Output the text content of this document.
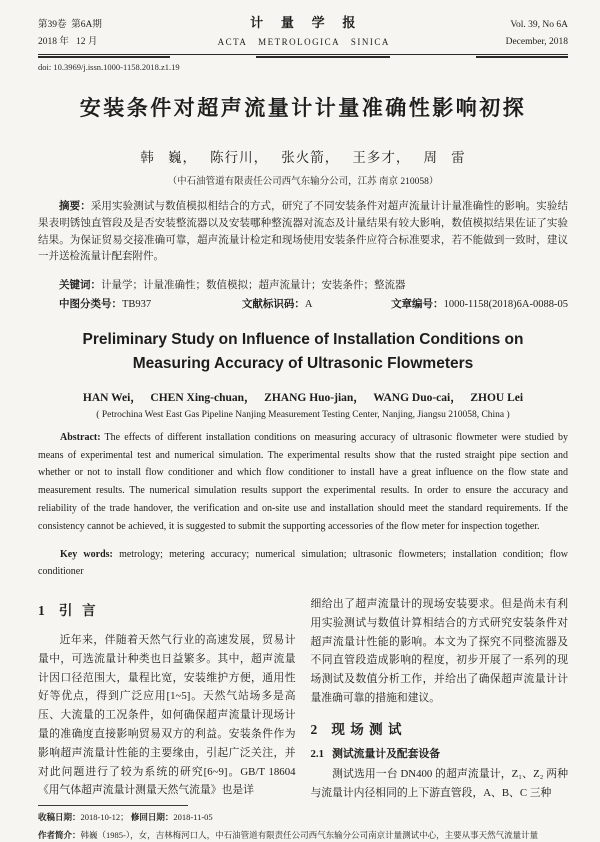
第39卷  第6A期
2018 年   12 月
计   量   学   报
ACTA   METROLOGICA   SINICA
Vol. 39, No 6A
December, 2018
doi: 10.3969/j.issn.1000-1158.2018.z1.19
安装条件对超声流量计计量准确性影响初探
韩   巍，   陈行川，   张火箭，   王多才，   周   雷
（中石油管道有限责任公司西气东输分公司，江苏 南京 210058）

摘要：采用实验测试与数值模拟相结合的方式，研究了不同安装条件对超声流量计计量准确性的影响。实验结果表明锈蚀直管段及是否安装整流器以及安装哪种整流器对流态及计量结果有较大影响，数值模拟结果佐证了实验结果。为保证贸易交接准确可靠，超声流量计检定和现场使用安装条件应符合标准要求，若不能做到一致时，建议一并送检流量计配套附件。

关键词：计量学；计量准确性；数值模拟；超声流量计；安装条件；整流器
中图分类号：TB937	文献标识码：A	文章编号：1000-1158(2018)6A-0088-05
Preliminary Study on Influence of Installation Conditions on
Measuring Accuracy of Ultrasonic Flowmeters
HAN Wei，   CHEN Xing-chuan，   ZHANG Huo-jian，   WANG Duo-cai，   ZHOU Lei
( Petrochina West East Gas Pipeline Nanjing Measurement Testing Center, Nanjing, Jiangsu 210058, China )

Abstract: The effects of different installation conditions on measuring accuracy of ultrasonic flowmeter were studied by means of experimental test and numerical simulation. The experimental results show that the rusted straight pipe section and whether or not to install flow conditioner and which flow conditioner to install have a great influence on the flow state and measurement results. The numerical simulation results support the experimental results. In order to ensure the accuracy and reliability of the trade handover, the verification and on-site use and installation should meet the standard requirements. If the consistency cannot be achieved, it is suggested to submit the supporting accessories of the flow meter for inspection together.

Key words: metrology; metering accuracy; numerical simulation; ultrasonic flowmeters; installation condition; flow conditioner

1   引  言

近年来，伴随着天然气行业的高速发展，贸易计量中，可选流量计种类也日益繁多。其中，超声流量计因口径范围大，量程比宽，安装维护方便，通用性好等优点，得到广泛应用[1~5]。天然气站场多是高压、大流量的工况条件，如何确保超声流量计现场计量的准确度直接影响贸易双方的利益。安装条件作为影响超声流量计性能的主要缘由，引起广泛关注，并对此问题进行了较为系统的研究[6~9]。GB/T 18604《用气体超声流量计测量天然气流量》也是详

收稿日期：2018-10-12； 修回日期：2018-11-05

细给出了超声流量计的现场安装要求。但是尚未有利用实验测试与数值计算相结合的方式研究安装条件对超声流量计性能的影响。本文为了探究不同整流器及不同直管段造成影响的程度，初步开展了一系列的现场测试及数值分析工作，并给出了确保超声流量计计量准确可靠的措施和建议。

2   现 场 测 试
2.1   测试流量计及配套设备

测试选用一台 DN400 的超声流量计，Z₁、Z₂ 两种与流量计内径相同的上下游直管段，A、B、C 三种

作者简介：韩巍（1985-），女，吉林梅河口人，中石油管道有限责任公司西气东输分公司南京计量测试中心，主要从事天然气流量计量
